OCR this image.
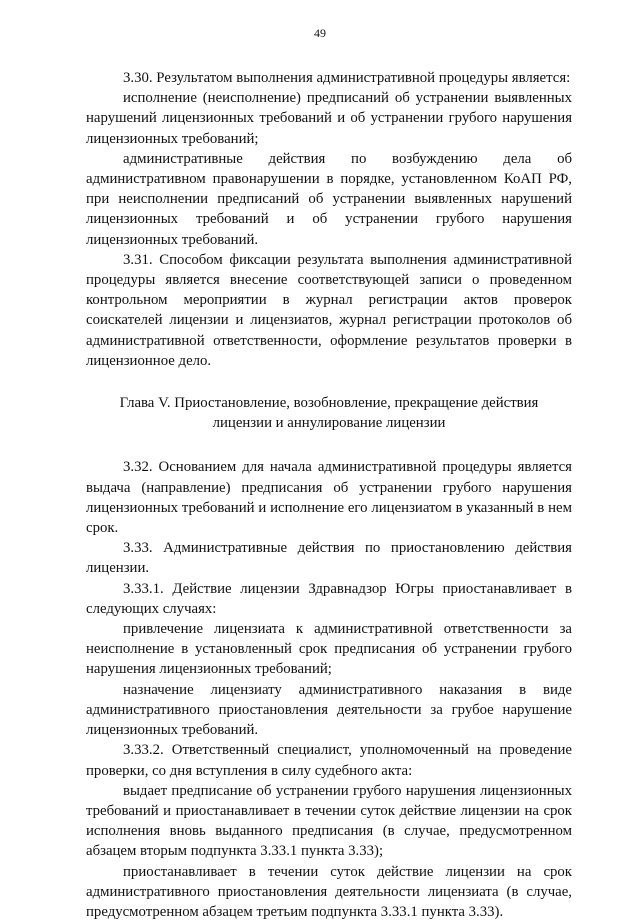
49

3.30. Результатом выполнения административной процедуры является:

исполнение (неисполнение) предписаний об устранении выявленных нарушений лицензионных требований и об устранении грубого нарушения лицензионных требований;

административные действия по возбуждению дела об административном правонарушении в порядке, установленном КоАП РФ, при неисполнении предписаний об устранении выявленных нарушений лицензионных требований и об устранении грубого нарушения лицензионных требований.

3.31. Способом фиксации результата выполнения административной процедуры является внесение соответствующей записи о проведенном контрольном мероприятии в журнал регистрации актов проверок соискателей лицензии и лицензиатов, журнал регистрации протоколов об административной ответственности, оформление результатов проверки в лицензионное дело.

Глава V. Приостановление, возобновление, прекращение действия
лицензии и аннулирование лицензии

3.32. Основанием для начала административной процедуры является выдача (направление) предписания об устранении грубого нарушения лицензионных требований и исполнение его лицензиатом в указанный в нем срок.

3.33. Административные действия по приостановлению действия лицензии.

3.33.1. Действие лицензии Здравнадзор Югры приостанавливает в следующих случаях:

привлечение лицензиата к административной ответственности за неисполнение в установленный срок предписания об устранении грубого нарушения лицензионных требований;

назначение лицензиату административного наказания в виде административного приостановления деятельности за грубое нарушение лицензионных требований.

3.33.2. Ответственный специалист, уполномоченный на проведение проверки, со дня вступления в силу судебного акта:

выдает предписание об устранении грубого нарушения лицензионных требований и приостанавливает в течении суток действие лицензии на срок исполнения вновь выданного предписания (в случае, предусмотренном абзацем вторым подпункта 3.33.1 пункта 3.33);

приостанавливает в течении суток действие лицензии на срок административного приостановления деятельности лицензиата (в случае, предусмотренном абзацем третьим подпункта 3.33.1 пункта 3.33).
